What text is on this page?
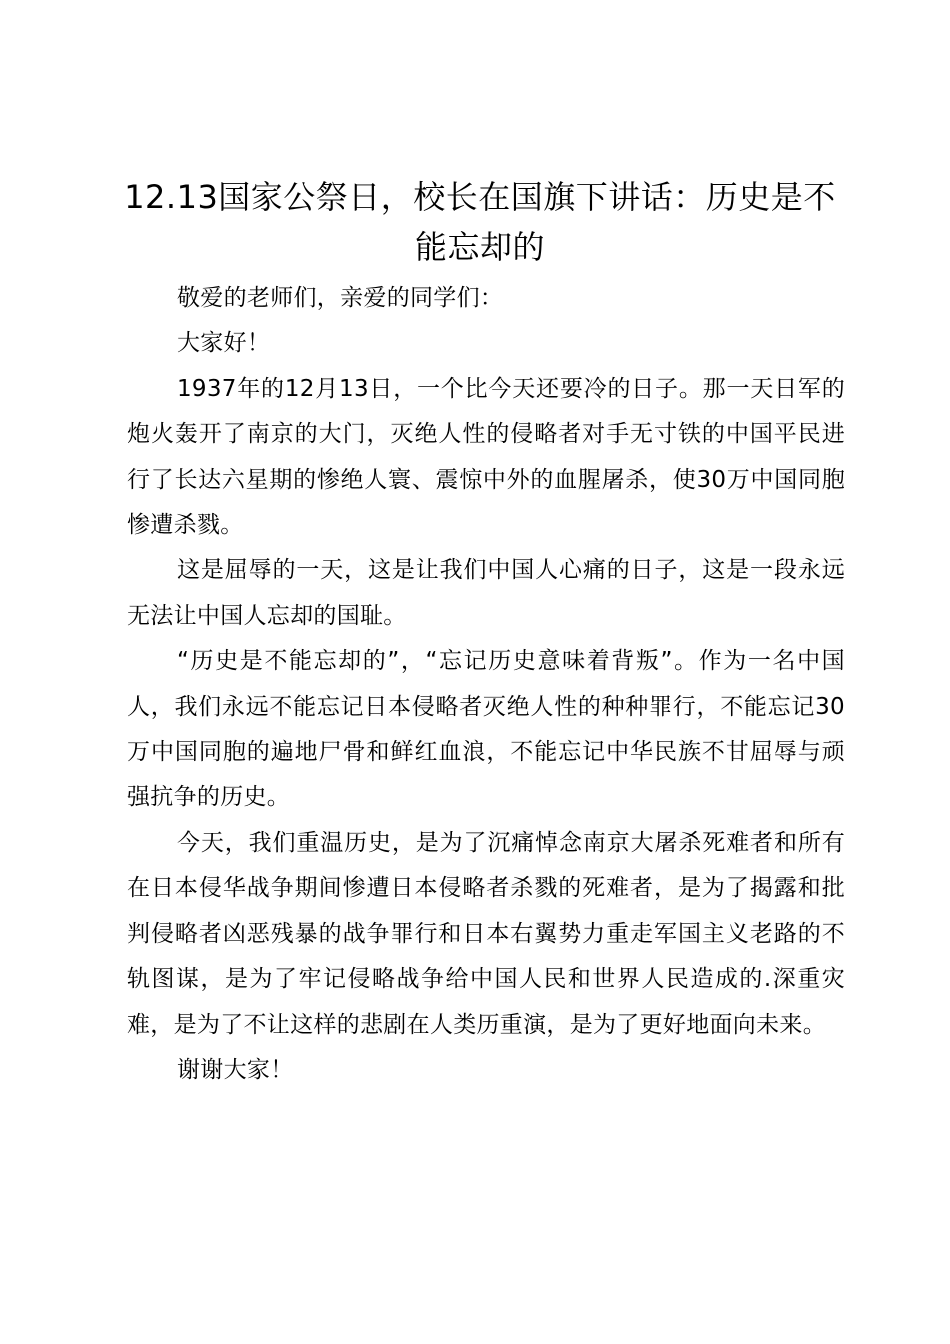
12.13国家公祭日，校长在国旗下讲话：历史是不能忘却的

敬爱的老师们，亲爱的同学们：

大家好！

1937年的12月13日，一个比今天还要冷的日子。那一天日军的炮火轰开了南京的大门，灭绝人性的侵略者对手无寸铁的中国平民进行了长达六星期的惨绝人寰、震惊中外的血腥屠杀，使30万中国同胞惨遭杀戮。

这是屈辱的一天，这是让我们中国人心痛的日子，这是一段永远无法让中国人忘却的国耻。

“历史是不能忘却的”，“忘记历史意味着背叛”。作为一名中国人，我们永远不能忘记日本侵略者灭绝人性的种种罪行，不能忘记30万中国同胞的遍地尸骨和鲜红血浪，不能忘记中华民族不甘屈辱与顽强抗争的历史。

今天，我们重温历史，是为了沉痛悼念南京大屠杀死难者和所有在日本侵华战争期间惨遭日本侵略者杀戮的死难者，是为了揭露和批判侵略者凶恶残暴的战争罪行和日本右翼势力重走军国主义老路的不轨图谋，是为了牢记侵略战争给中国人民和世界人民造成的.深重灾难，是为了不让这样的悲剧在人类历重演，是为了更好地面向未来。

谢谢大家！
